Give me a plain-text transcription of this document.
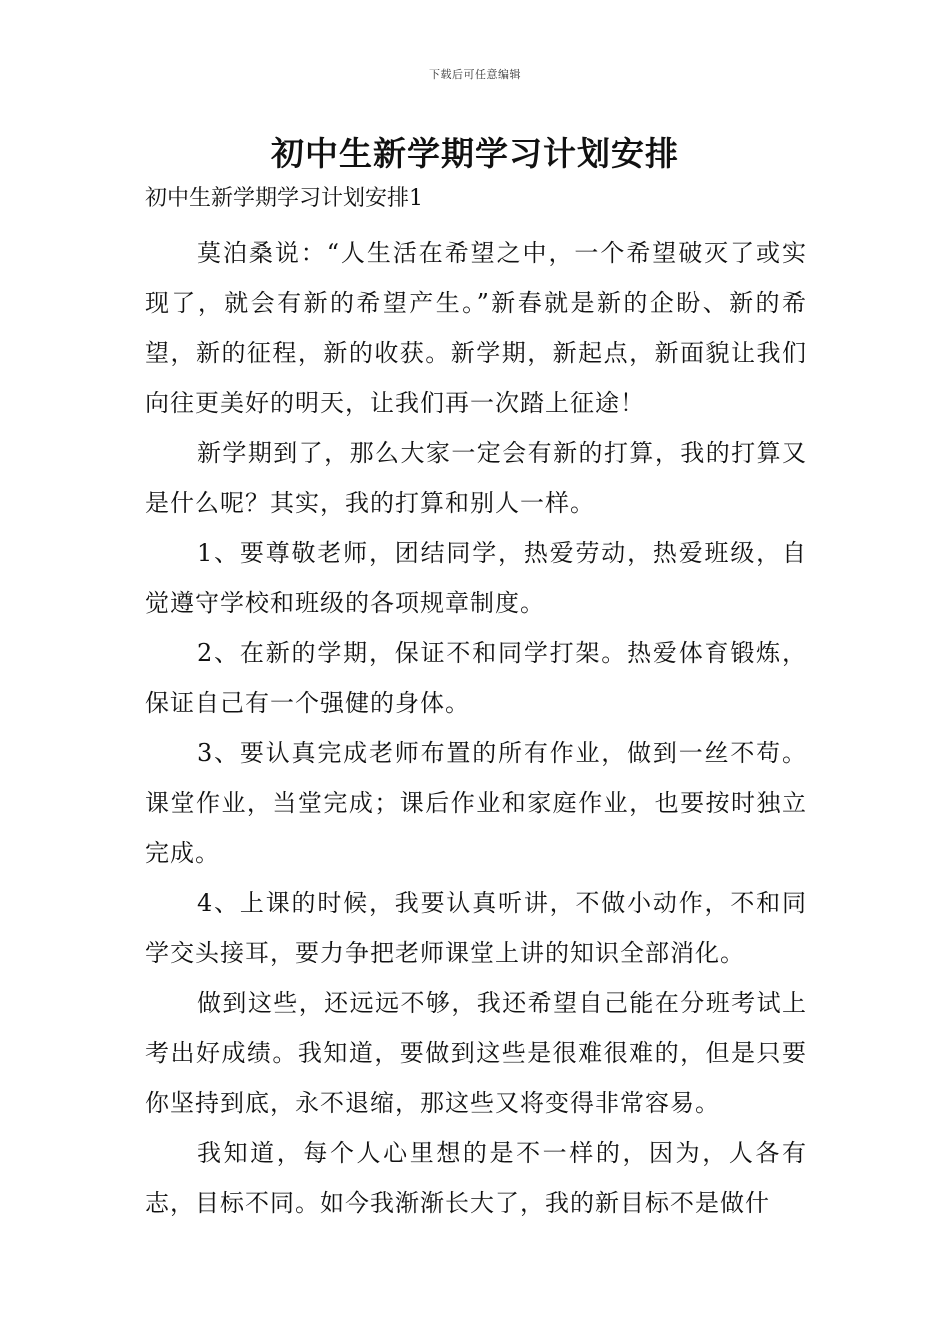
下载后可任意编辑
初中生新学期学习计划安排
初中生新学期学习计划安排1

莫泊桑说：“人生活在希望之中，一个希望破灭了或实现了，就会有新的希望产生。”新春就是新的企盼、新的希望，新的征程，新的收获。新学期，新起点，新面貌让我们向往更美好的明天，让我们再一次踏上征途！

新学期到了，那么大家一定会有新的打算，我的打算又是什么呢？其实，我的打算和别人一样。

1、要尊敬老师，团结同学，热爱劳动，热爱班级，自觉遵守学校和班级的各项规章制度。

2、在新的学期，保证不和同学打架。热爱体育锻炼，保证自己有一个强健的身体。

3、要认真完成老师布置的所有作业，做到一丝不苟。课堂作业，当堂完成；课后作业和家庭作业，也要按时独立完成。

4、上课的时候，我要认真听讲，不做小动作，不和同学交头接耳，要力争把老师课堂上讲的知识全部消化。

做到这些，还远远不够，我还希望自己能在分班考试上考出好成绩。我知道，要做到这些是很难很难的，但是只要你坚持到底，永不退缩，那这些又将变得非常容易。

我知道，每个人心里想的是不一样的，因为，人各有志，目标不同。如今我渐渐长大了，我的新目标不是做什
